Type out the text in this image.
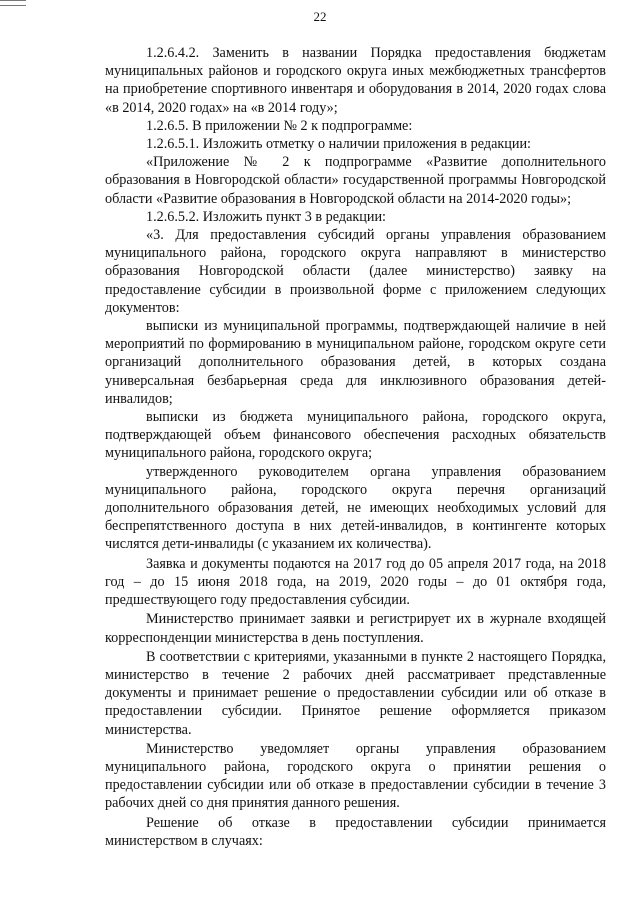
22

1.2.6.4.2. Заменить в названии Порядка предоставления бюджетам муниципальных районов и городского округа иных межбюджетных трансфертов на приобретение спортивного инвентаря и оборудования в 2014, 2020 годах слова «в 2014, 2020 годах» на «в 2014 году»;

1.2.6.5. В приложении № 2 к подпрограмме:

1.2.6.5.1. Изложить отметку о наличии приложения в редакции:

«Приложение № 2 к подпрограмме «Развитие дополнительного образования в Новгородской области» государственной программы Новгородской области «Развитие образования в Новгородской области на 2014-2020 годы»;

1.2.6.5.2. Изложить пункт 3 в редакции:

«3. Для предоставления субсидий органы управления образованием муниципального района, городского округа направляют в министерство образования Новгородской области (далее министерство) заявку на предоставление субсидии в произвольной форме с приложением следующих документов:

выписки из муниципальной программы, подтверждающей наличие в ней мероприятий по формированию в муниципальном районе, городском округе сети организаций дополнительного образования детей, в которых создана универсальная безбарьерная среда для инклюзивного образования детей-инвалидов;

выписки из бюджета муниципального района, городского округа, подтверждающей объем финансового обеспечения расходных обязательств муниципального района, городского округа;

утвержденного руководителем органа управления образованием муниципального района, городского округа перечня организаций дополнительного образования детей, не имеющих необходимых условий для беспрепятственного доступа в них детей-инвалидов, в контингенте которых числятся дети-инвалиды (с указанием их количества).

Заявка и документы подаются на 2017 год до 05 апреля 2017 года, на 2018 год – до 15 июня 2018 года, на 2019, 2020 годы – до 01 октября года, предшествующего году предоставления субсидии.

Министерство принимает заявки и регистрирует их в журнале входящей корреспонденции министерства в день поступления.

В соответствии с критериями, указанными в пункте 2 настоящего Порядка, министерство в течение 2 рабочих дней рассматривает представленные документы и принимает решение о предоставлении субсидии или об отказе в предоставлении субсидии. Принятое решение оформляется приказом министерства.

Министерство уведомляет органы управления образованием муниципального района, городского округа о принятии решения о предоставлении субсидии или об отказе в предоставлении субсидии в течение 3 рабочих дней со дня принятия данного решения.

Решение об отказе в предоставлении субсидии принимается министерством в случаях:
